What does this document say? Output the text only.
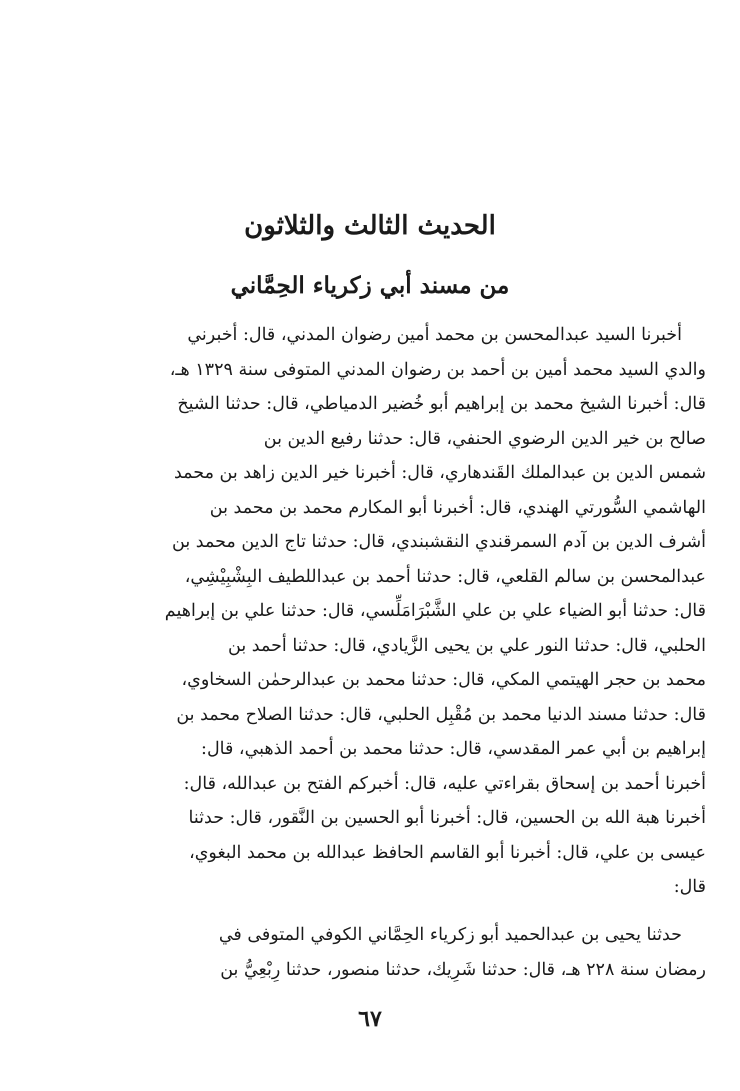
الحديث الثالث والثلاثون
من مسند أبي زكرياء الحِمَّاني
أخبرنا السيد عبدالمحسن بن محمد أمين رضوان المدني، قال: أخبرني
والدي السيد محمد أمين بن أحمد بن رضوان المدني المتوفى سنة ١٣٢٩ هـ،
قال: أخبرنا الشيخ محمد بن إبراهيم أبو خُضير الدمياطي، قال: حدثنا الشيخ
صالح بن خير الدين الرضوي الحنفي، قال: حدثنا رفيع الدين بن
شمس الدين بن عبدالملك القَندهاري، قال: أخبرنا خير الدين زاهد بن محمد
الهاشمي السُّورتي الهندي، قال: أخبرنا أبو المكارم محمد بن محمد بن
أشرف الدين بن آدم السمرقندي النقشبندي، قال: حدثنا تاج الدين محمد بن
عبدالمحسن بن سالم القلعي، قال: حدثنا أحمد بن عبداللطيف البِشْبِيْشِي،
قال: حدثنا أبو الضياء علي بن علي الشَّبْرَامَلِّسي، قال: حدثنا علي بن إبراهيم
الحلبي، قال: حدثنا النور علي بن يحيى الزَّيادي، قال: حدثنا أحمد بن
محمد بن حجر الهيتمي المكي، قال: حدثنا محمد بن عبدالرحمٰن السخاوي،
قال: حدثنا مسند الدنيا محمد بن مُقْبِل الحلبي، قال: حدثنا الصلاح محمد بن
إبراهيم بن أبي عمر المقدسي، قال: حدثنا محمد بن أحمد الذهبي، قال:
أخبرنا أحمد بن إسحاق بقراءتي عليه، قال: أخبركم الفتح بن عبدالله، قال:
أخبرنا هبة الله بن الحسين، قال: أخبرنا أبو الحسين بن النَّقور، قال: حدثنا
عيسى بن علي، قال: أخبرنا أبو القاسم الحافظ عبدالله بن محمد البغوي،
قال:
حدثنا يحيى بن عبدالحميد أبو زكرياء الحِمَّاني الكوفي المتوفى في
رمضان سنة ٢٢٨ هـ، قال: حدثنا شَرِيك، حدثنا منصور، حدثنا رِبْعِيُّ بن
٦٧
